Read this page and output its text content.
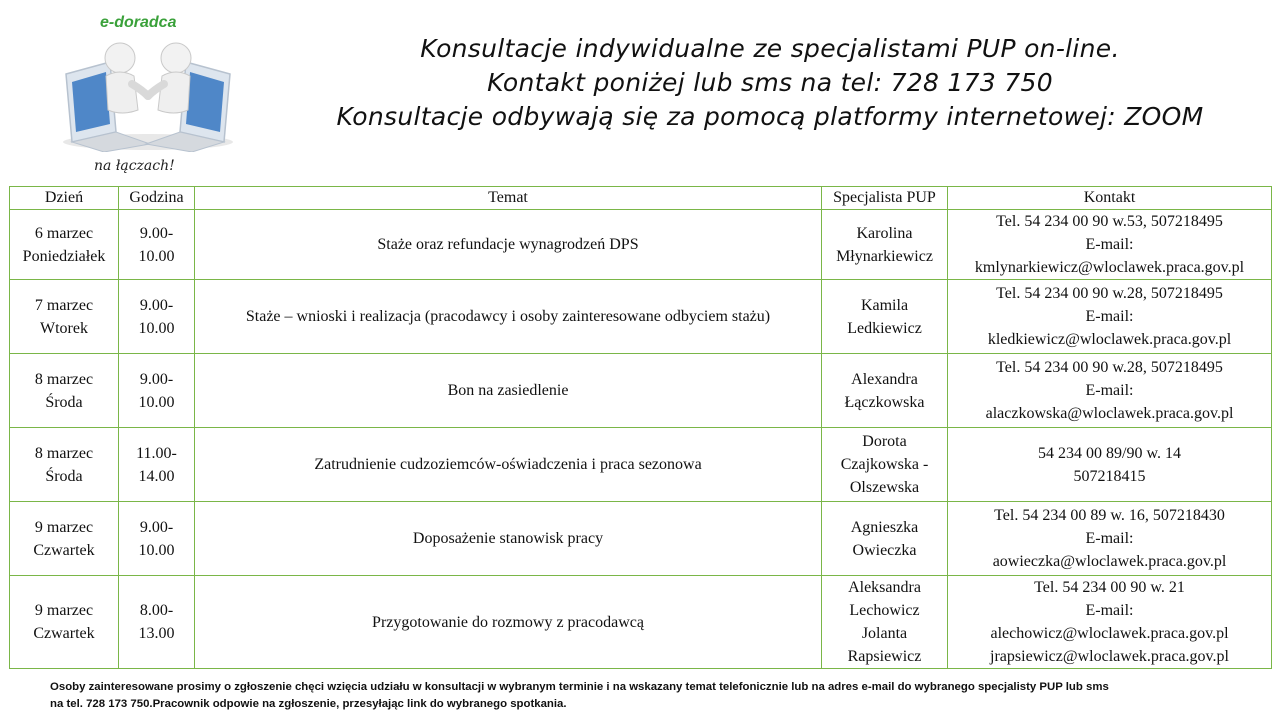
e-doradca
na łączach!
Konsultacje indywidualne ze specjalistami PUP on-line.
Kontakt poniżej lub sms na tel: 728 173 750
Konsultacje odbywają się za pomocą platformy internetowej: ZOOM
Dzień	Godzina	Temat	Specjalista PUP	Kontakt

6 marzec
Poniedziałek	9.00-
10.00	Staże oraz refundacje wynagrodzeń DPS	Karolina
Młynarkiewicz	Tel. 54 234 00 90 w.53, 507218495
E-mail:
kmlynarkiewicz@wloclawek.praca.gov.pl

7 marzec
Wtorek	9.00-
10.00	Staże – wnioski i realizacja (pracodawcy i osoby zainteresowane odbyciem stażu)	Kamila
Ledkiewicz	Tel. 54 234 00 90 w.28, 507218495
E-mail:
kledkiewicz@wloclawek.praca.gov.pl

8 marzec
Środa	9.00-
10.00	Bon na zasiedlenie	Alexandra
Łączkowska	Tel. 54 234 00 90 w.28, 507218495
E-mail:
alaczkowska@wloclawek.praca.gov.pl

8 marzec
Środa	11.00-
14.00	Zatrudnienie cudzoziemców-oświadczenia i praca sezonowa	Dorota
Czajkowska -
Olszewska	54 234 00 89/90 w. 14
507218415

9 marzec
Czwartek	9.00-
10.00	Doposażenie stanowisk pracy	Agnieszka
Owieczka	Tel. 54 234 00 89 w. 16, 507218430
E-mail:
aowieczka@wloclawek.praca.gov.pl

9 marzec
Czwartek	8.00-
13.00	Przygotowanie do rozmowy z pracodawcą	Aleksandra
Lechowicz
Jolanta
Rapsiewicz	Tel. 54 234 00 90 w. 21
E-mail:
alechowicz@wloclawek.praca.gov.pl
jrapsiewicz@wloclawek.praca.gov.pl
Osoby zainteresowane prosimy o zgłoszenie chęci wzięcia udziału w konsultacji w wybranym terminie i na wskazany temat telefonicznie lub na adres e-mail do wybranego specjalisty PUP lub sms
na tel. 728 173 750.Pracownik odpowie na zgłoszenie, przesyłając link do wybranego spotkania.
